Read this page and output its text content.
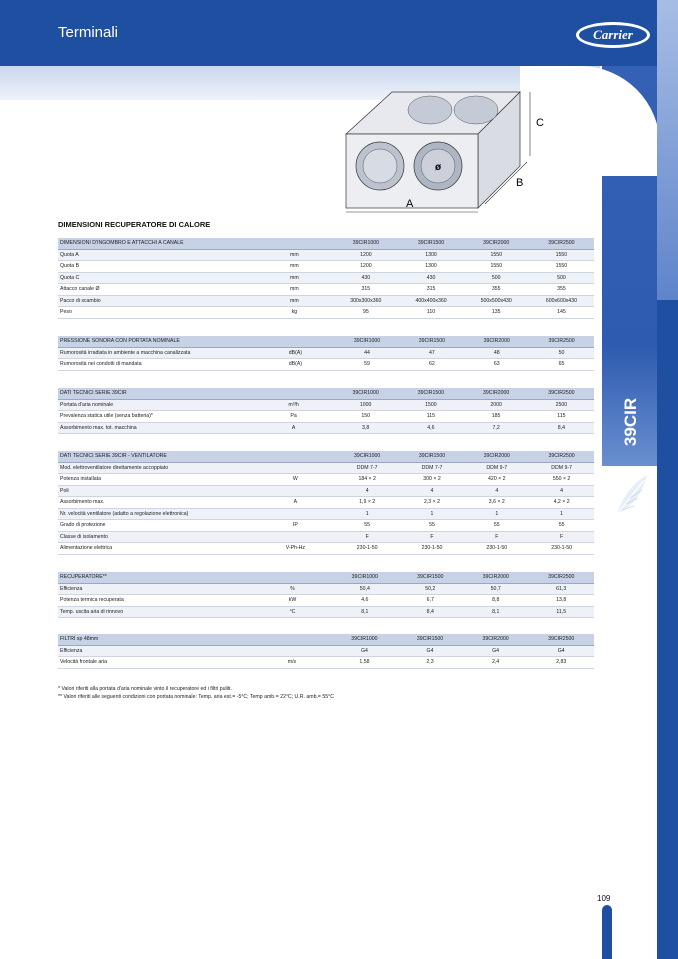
Terminali	Carrier
39CIR
A
B
C
ø
DIMENSIONI RECUPERATORE DI CALORE
DIMENSIONI D'INGOMBRO E ATTACCHI A CANALE		39CIR1000	39CIR1500	39CIR2000	39CIR2500
Quota A	mm	1200	1300	1550	1550
Quota B	mm	1200	1300	1550	1550
Quota C	mm	430	430	500	500
Attacco canale Ø	mm	315	315	355	355
Pacco di scambio	mm	300x300x360	400x400x360	500x500x430	600x600x430
Peso	kg	95	110	135	145
PRESSIONE SONORA CON PORTATA NOMINALE		39CIR1000	39CIR1500	39CIR2000	39CIR2500
Rumorosità irradiata in ambiente a macchina canalizzata	dB(A)	44	47	48	50
Rumorosità nei condotti di mandata	dB(A)	59	62	63	65
DATI TECNICI SERIE 39CIR		39CIR1000	39CIR1500	39CIR2000	39CIR2500
Portata d'aria nominale	m³/h	1000	1500	2000	2500
Prevalenza statica utile (senza batteria)*	Pa	150	115	185	115
Assorbimento max. tot. macchina	A	3,8	4,6	7,2	8,4
DATI TECNICI SERIE 39CIR - VENTILATORE		39CIR1000	39CIR1500	39CIR2000	39CIR2500
Mod. elettroventilatore direttamente accoppiato		DDM 7-7	DDM 7-7	DDM 9-7	DDM 9-7
Potenza installata	W	184 × 2	300 × 2	420 × 2	550 × 2
Poli		4	4	4	4
Assorbimento max.	A	1,9 × 2	2,3 × 2	3,6 × 2	4,2 × 2
Nr. velocità ventilatore (adatto a regolazione elettronica)		1	1	1	1
Grado di protezione	IP	55	55	55	55
Classe di isolamento		F	F	F	F
Alimentazione elettrica	V-Ph-Hz	230-1-50	230-1-50	230-1-50	230-1-50
RECUPERATORE**		39CIR1000	39CIR1500	39CIR2000	39CIR2500
Efficienza	%	50,4	50,2	50,7	61,3
Potenza termica recuperata	kW	4,6	6,7	8,8	13,8
Temp. uscita aria di rinnovo	°C	8,1	8,4	8,1	11,5
FILTRI sp 48mm		39CIR1000	39CIR1500	39CIR2000	39CIR2500
Efficienza		G4	G4	G4	G4
Velocità frontale aria	m/s	1,58	2,3	2,4	2,83
* Valori riferiti alla portata d'aria nominale vinto il recuperatore ed i filtri puliti.
** Valori riferiti alle seguenti condizioni con portata nominale: Temp. aria est.= -5°C; Temp amb.= 22°C; U.R. amb.= 55°C
109
